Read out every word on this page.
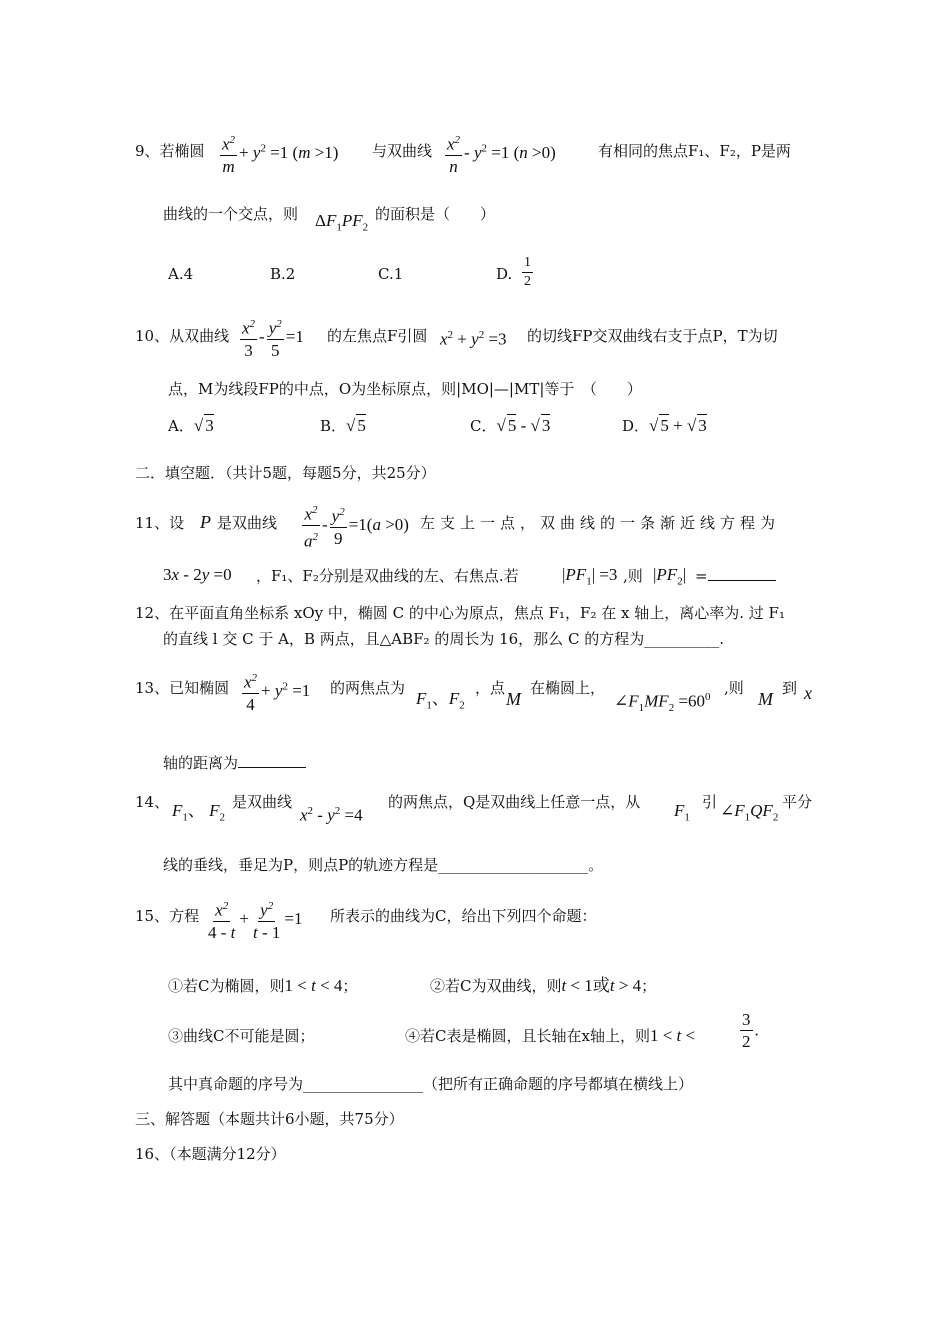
9、若椭圆 $\frac{x^2}{m} + y^2 =1$ (m >1) 与双曲线 $\frac{x^2}{n} - y^2 =1$ (n >0)	有相同的焦点F₁、F₂，P是两
曲线的一个交点，则 $\Delta F_1PF_2$
的面积是（　　）
A.4	B.2	C.1	D. $\frac{1}{2}$
10、从双曲线 $\frac{x^2}{3} - \frac{y^2}{5} =1$ 的左焦点F引圆 $x^2 + y^2 =3$ 的切线FP交双曲线右支于点P，T为切
点，M为线段FP的中点，O为坐标原点，则|MO|—|MT|等于　（　　）
A．√ 3	B．√ 5	C．√ 5 - √ 3	D．√ 5 + √ 3
二．填空题．（共计5题，每题5分，共25分）
11、设 P 是双曲线 $\frac{x^2}{a^2} - \frac{y^2}{9} =1(a >0)$ 左支上一点，双曲线的一条渐近线方程为
3x - 2y =0 ，F₁、F₂分别是双曲线的左、右焦点.若	$|PF_1| =3$ ,则 $|PF_2|$ =
12、在平面直角坐标系 xOy 中，椭圆 C 的中心为原点，焦点 F₁，F₂ 在 x 轴上，离心率为. 过 F₁
的直线 l 交 C 于 A，B 两点，且△ABF₂ 的周长为 16，那么 C 的方程为__________.
13、已知椭圆 $\frac{x^2}{4} + y^2 =1$ 的两焦点为
$F_1$、$F_2$
，点
M
在椭圆上，
$\angle F_1MF_2 =60^0$ ,则
M
到 x
轴的距离为
14、 $F_1$、 $F_2$
是双曲线
$x^2 - y^2 =4$
的两焦点，Q是双曲线上任意一点，从 $F_1$
引 $\angle F_1QF_2$
平分
线的垂线，垂足为P，则点P的轨迹方程是____________________。
15、方程 $\frac{x^2}{4 - t} + \frac{y^2}{t - 1} =1$ 所表示的曲线为C，给出下列四个命题：
①若C为椭圆，则1 < t < 4；	②若C为双曲线，则t < 1或t > 4；
③曲线C不可能是圆；	④若C表是椭圆，且长轴在x轴上，则1 < t <	$\frac{3}{2}$ .
其中真命题的序号为________________（把所有正确命题的序号都填在横线上）
三、解答题（本题共计6小题，共75分）
16、（本题满分12分）
